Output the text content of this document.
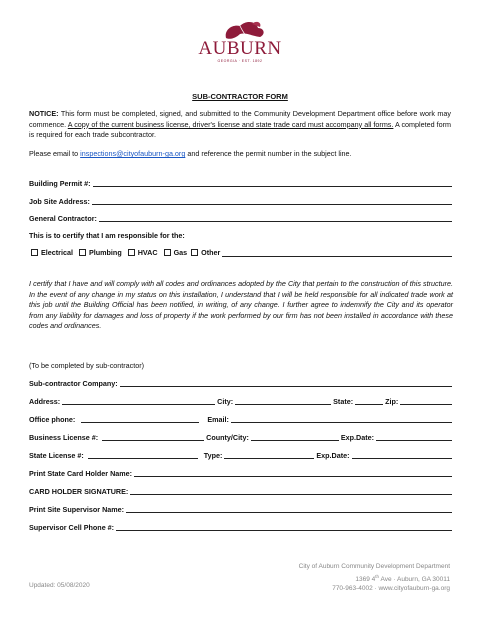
AUBURN
GEORGIA · EST. 1892
SUB-CONTRACTOR FORM
NOTICE: This form must be completed, signed, and submitted to the Community Development Department office before work may commence. A copy of the current business license, driver's license and state trade card must accompany all forms. A completed form is required for each trade subcontractor.
Please email to inspections@cityofauburn-ga.org and reference the permit number in the subject line.
Building Permit #:
Job Site Address:
General Contractor:
This is to certify that I am responsible for the:
Electrical Plumbing HVAC Gas Other
I certify that I have and will comply with all codes and ordinances adopted by the City that pertain to the construction of this structure. In the event of any change in my status on this installation, I understand that I will be held responsible for all indicated trade work at this job until the Building Official has been notified, in writing, of any change. I further agree to indemnify the City and its operator from any liability for damages and loss of property if the work performed by our firm has not been installed in accordance with these codes and ordinances.
(To be completed by sub-contractor)
Sub-contractor Company:
Address:	City:	State:	Zip:
Office phone:	Email:
Business License #:	County/City:	Exp.Date:
State License #:	Type:	Exp.Date:
Print State Card Holder Name:
CARD HOLDER SIGNATURE:
Print Site Supervisor Name:
Supervisor Cell Phone #:
City of Auburn Community Development Department
1369 4th Ave · Auburn, GA 30011
770-963-4002 · www.cityofauburn-ga.org
Updated: 05/08/2020
